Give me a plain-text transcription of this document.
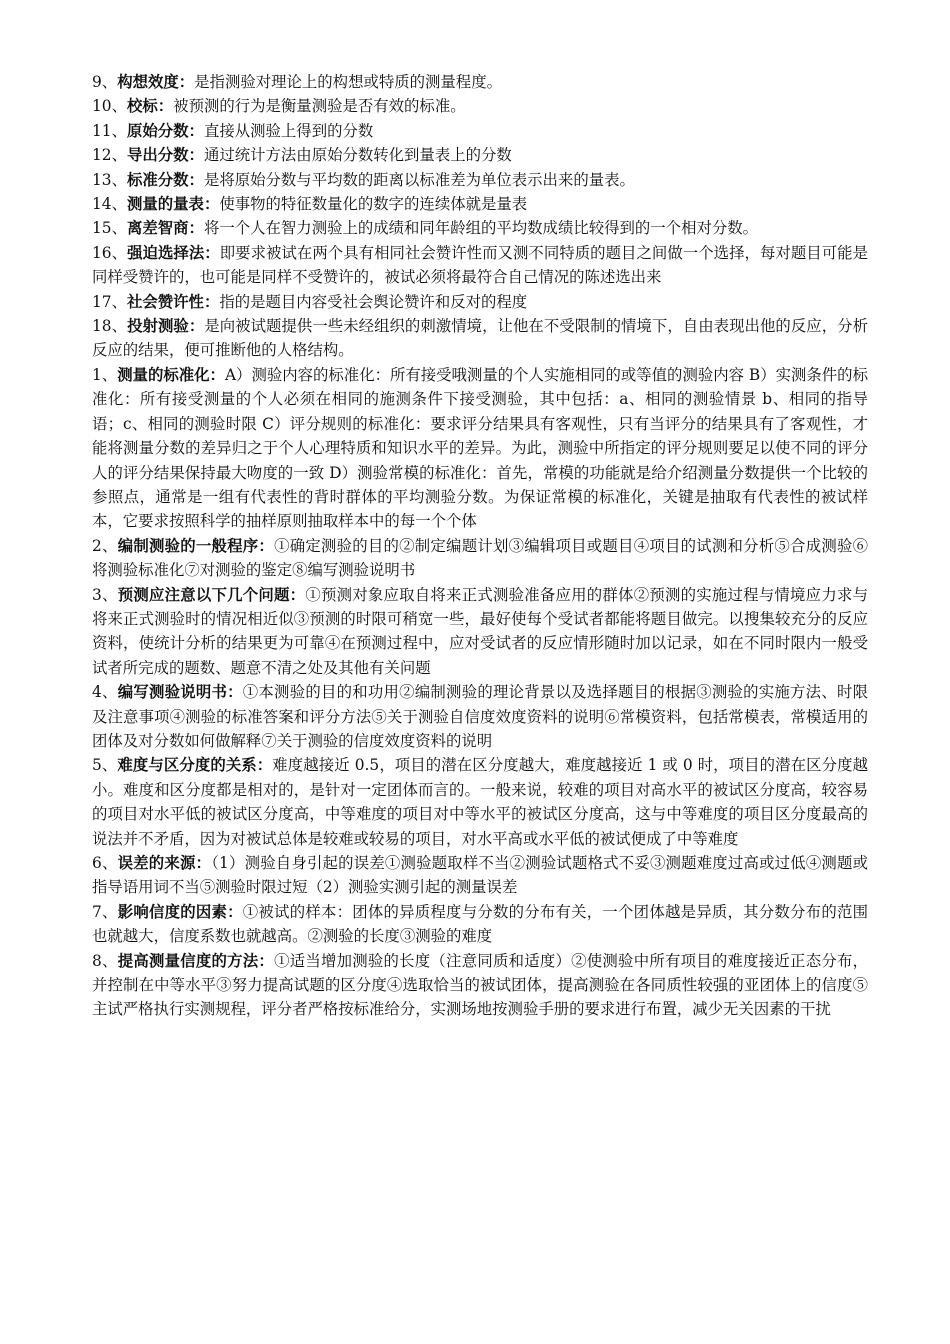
9、构想效度：是指测验对理论上的构想或特质的测量程度。

10、校标：被预测的行为是衡量测验是否有效的标准。

11、原始分数：直接从测验上得到的分数

12、导出分数：通过统计方法由原始分数转化到量表上的分数

13、标准分数：是将原始分数与平均数的距离以标准差为单位表示出来的量表。

14、测量的量表：使事物的特征数量化的数字的连续体就是量表

15、离差智商：将一个人在智力测验上的成绩和同年龄组的平均数成绩比较得到的一个相对分数。

16、强迫选择法：即要求被试在两个具有相同社会赞许性而又测不同特质的题目之间做一个选择，每对题目可能是同样受赞许的，也可能是同样不受赞许的，被试必须将最符合自己情况的陈述选出来

17、社会赞许性：指的是题目内容受社会舆论赞许和反对的程度

18、投射测验：是向被试题提供一些未经组织的刺激情境，让他在不受限制的情境下，自由表现出他的反应，分析反应的结果，便可推断他的人格结构。

1、测量的标准化：A）测验内容的标准化：所有接受哦测量的个人实施相同的或等值的测验内容 B）实测条件的标准化：所有接受测量的个人必须在相同的施测条件下接受测验，其中包括：a、相同的测验情景 b、相同的指导语；c、相同的测验时限 C）评分规则的标准化：要求评分结果具有客观性，只有当评分的结果具有了客观性，才能将测量分数的差异归之于个人心理特质和知识水平的差异。为此，测验中所指定的评分规则要足以使不同的评分人的评分结果保持最大吻度的一致 D）测验常模的标准化：首先，常模的功能就是给介绍测量分数提供一个比较的参照点，通常是一组有代表性的背时群体的平均测验分数。为保证常模的标准化，关键是抽取有代表性的被试样本，它要求按照科学的抽样原则抽取样本中的每一个个体

2、编制测验的一般程序：①确定测验的目的②制定编题计划③编辑项目或题目④项目的试测和分析⑤合成测验⑥将测验标准化⑦对测验的鉴定⑧编写测验说明书

3、预测应注意以下几个问题：①预测对象应取自将来正式测验准备应用的群体②预测的实施过程与情境应力求与将来正式测验时的情况相近似③预测的时限可稍宽一些，最好使每个受试者都能将题目做完。以搜集较充分的反应资料，使统计分析的结果更为可靠④在预测过程中，应对受试者的反应情形随时加以记录，如在不同时限内一般受试者所完成的题数、题意不清之处及其他有关问题

4、编写测验说明书：①本测验的目的和功用②编制测验的理论背景以及选择题目的根据③测验的实施方法、时限及注意事项④测验的标准答案和评分方法⑤关于测验自信度效度资料的说明⑥常模资料，包括常模表，常模适用的团体及对分数如何做解释⑦关于测验的信度效度资料的说明

5、难度与区分度的关系：难度越接近 0.5，项目的潜在区分度越大，难度越接近 1 或 0 时，项目的潜在区分度越小。难度和区分度都是相对的，是针对一定团体而言的。一般来说，较难的项目对高水平的被试区分度高，较容易的项目对水平低的被试区分度高，中等难度的项目对中等水平的被试区分度高，这与中等难度的项目区分度最高的说法并不矛盾，因为对被试总体是较难或较易的项目，对水平高或水平低的被试便成了中等难度

6、误差的来源：（1）测验自身引起的误差①测验题取样不当②测验试题格式不妥③测题难度过高或过低④测题或指导语用词不当⑤测验时限过短（2）测验实测引起的测量误差

7、影响信度的因素：①被试的样本：团体的异质程度与分数的分布有关，一个团体越是异质，其分数分布的范围也就越大，信度系数也就越高。②测验的长度③测验的难度

8、提高测量信度的方法：①适当增加测验的长度（注意同质和适度）②使测验中所有项目的难度接近正态分布，并控制在中等水平③努力提高试题的区分度④选取恰当的被试团体，提高测验在各同质性较强的亚团体上的信度⑤主试严格执行实测规程，评分者严格按标准给分，实测场地按测验手册的要求进行布置，减少无关因素的干扰
